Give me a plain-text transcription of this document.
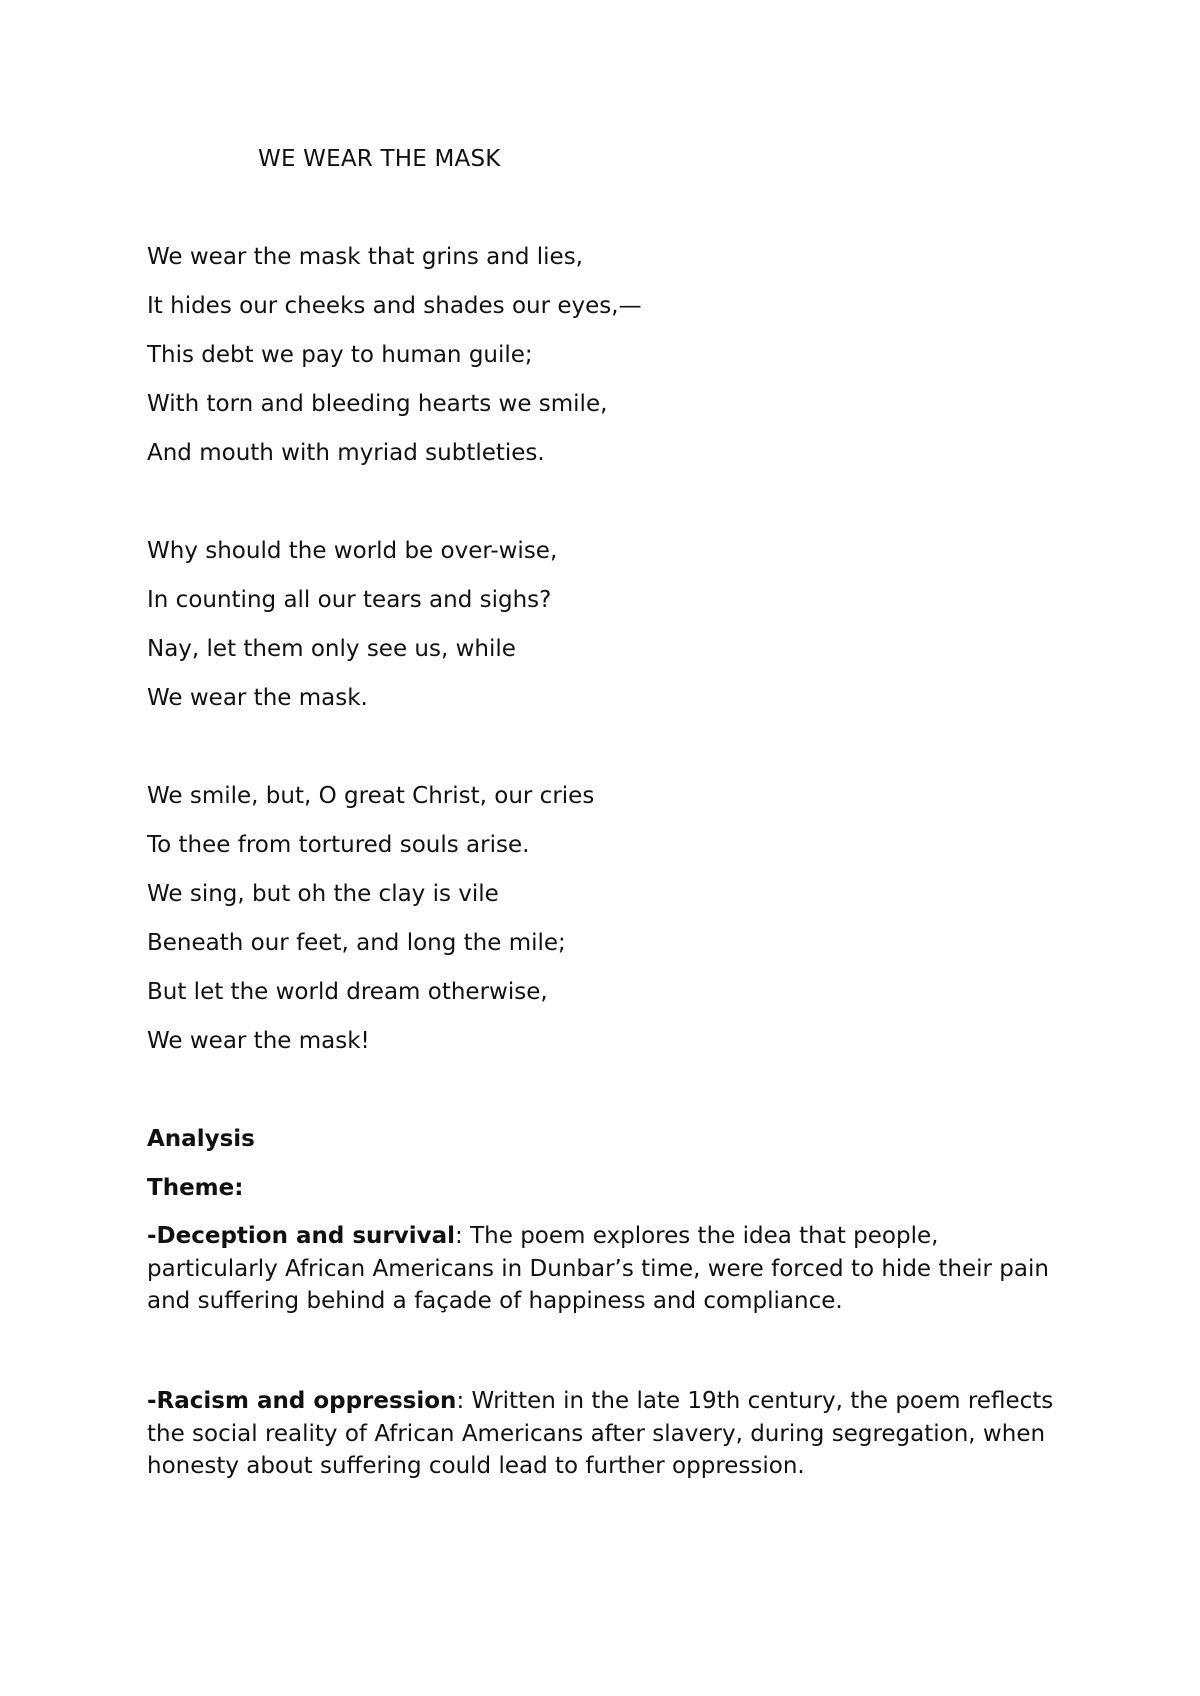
WE WEAR THE MASK
We wear the mask that grins and lies,
It hides our cheeks and shades our eyes,—
This debt we pay to human guile;
With torn and bleeding hearts we smile,
And mouth with myriad subtleties.
Why should the world be over-wise,
In counting all our tears and sighs?
Nay, let them only see us, while
We wear the mask.
We smile, but, O great Christ, our cries
To thee from tortured souls arise.
We sing, but oh the clay is vile
Beneath our feet, and long the mile;
But let the world dream otherwise,
We wear the mask!
Analysis
Theme:

-Deception and survival: The poem explores the idea that people, particularly African Americans in Dunbar’s time, were forced to hide their pain and suffering behind a façade of happiness and compliance.

-Racism and oppression: Written in the late 19th century, the poem reflects the social reality of African Americans after slavery, during segregation, when honesty about suffering could lead to further oppression.
